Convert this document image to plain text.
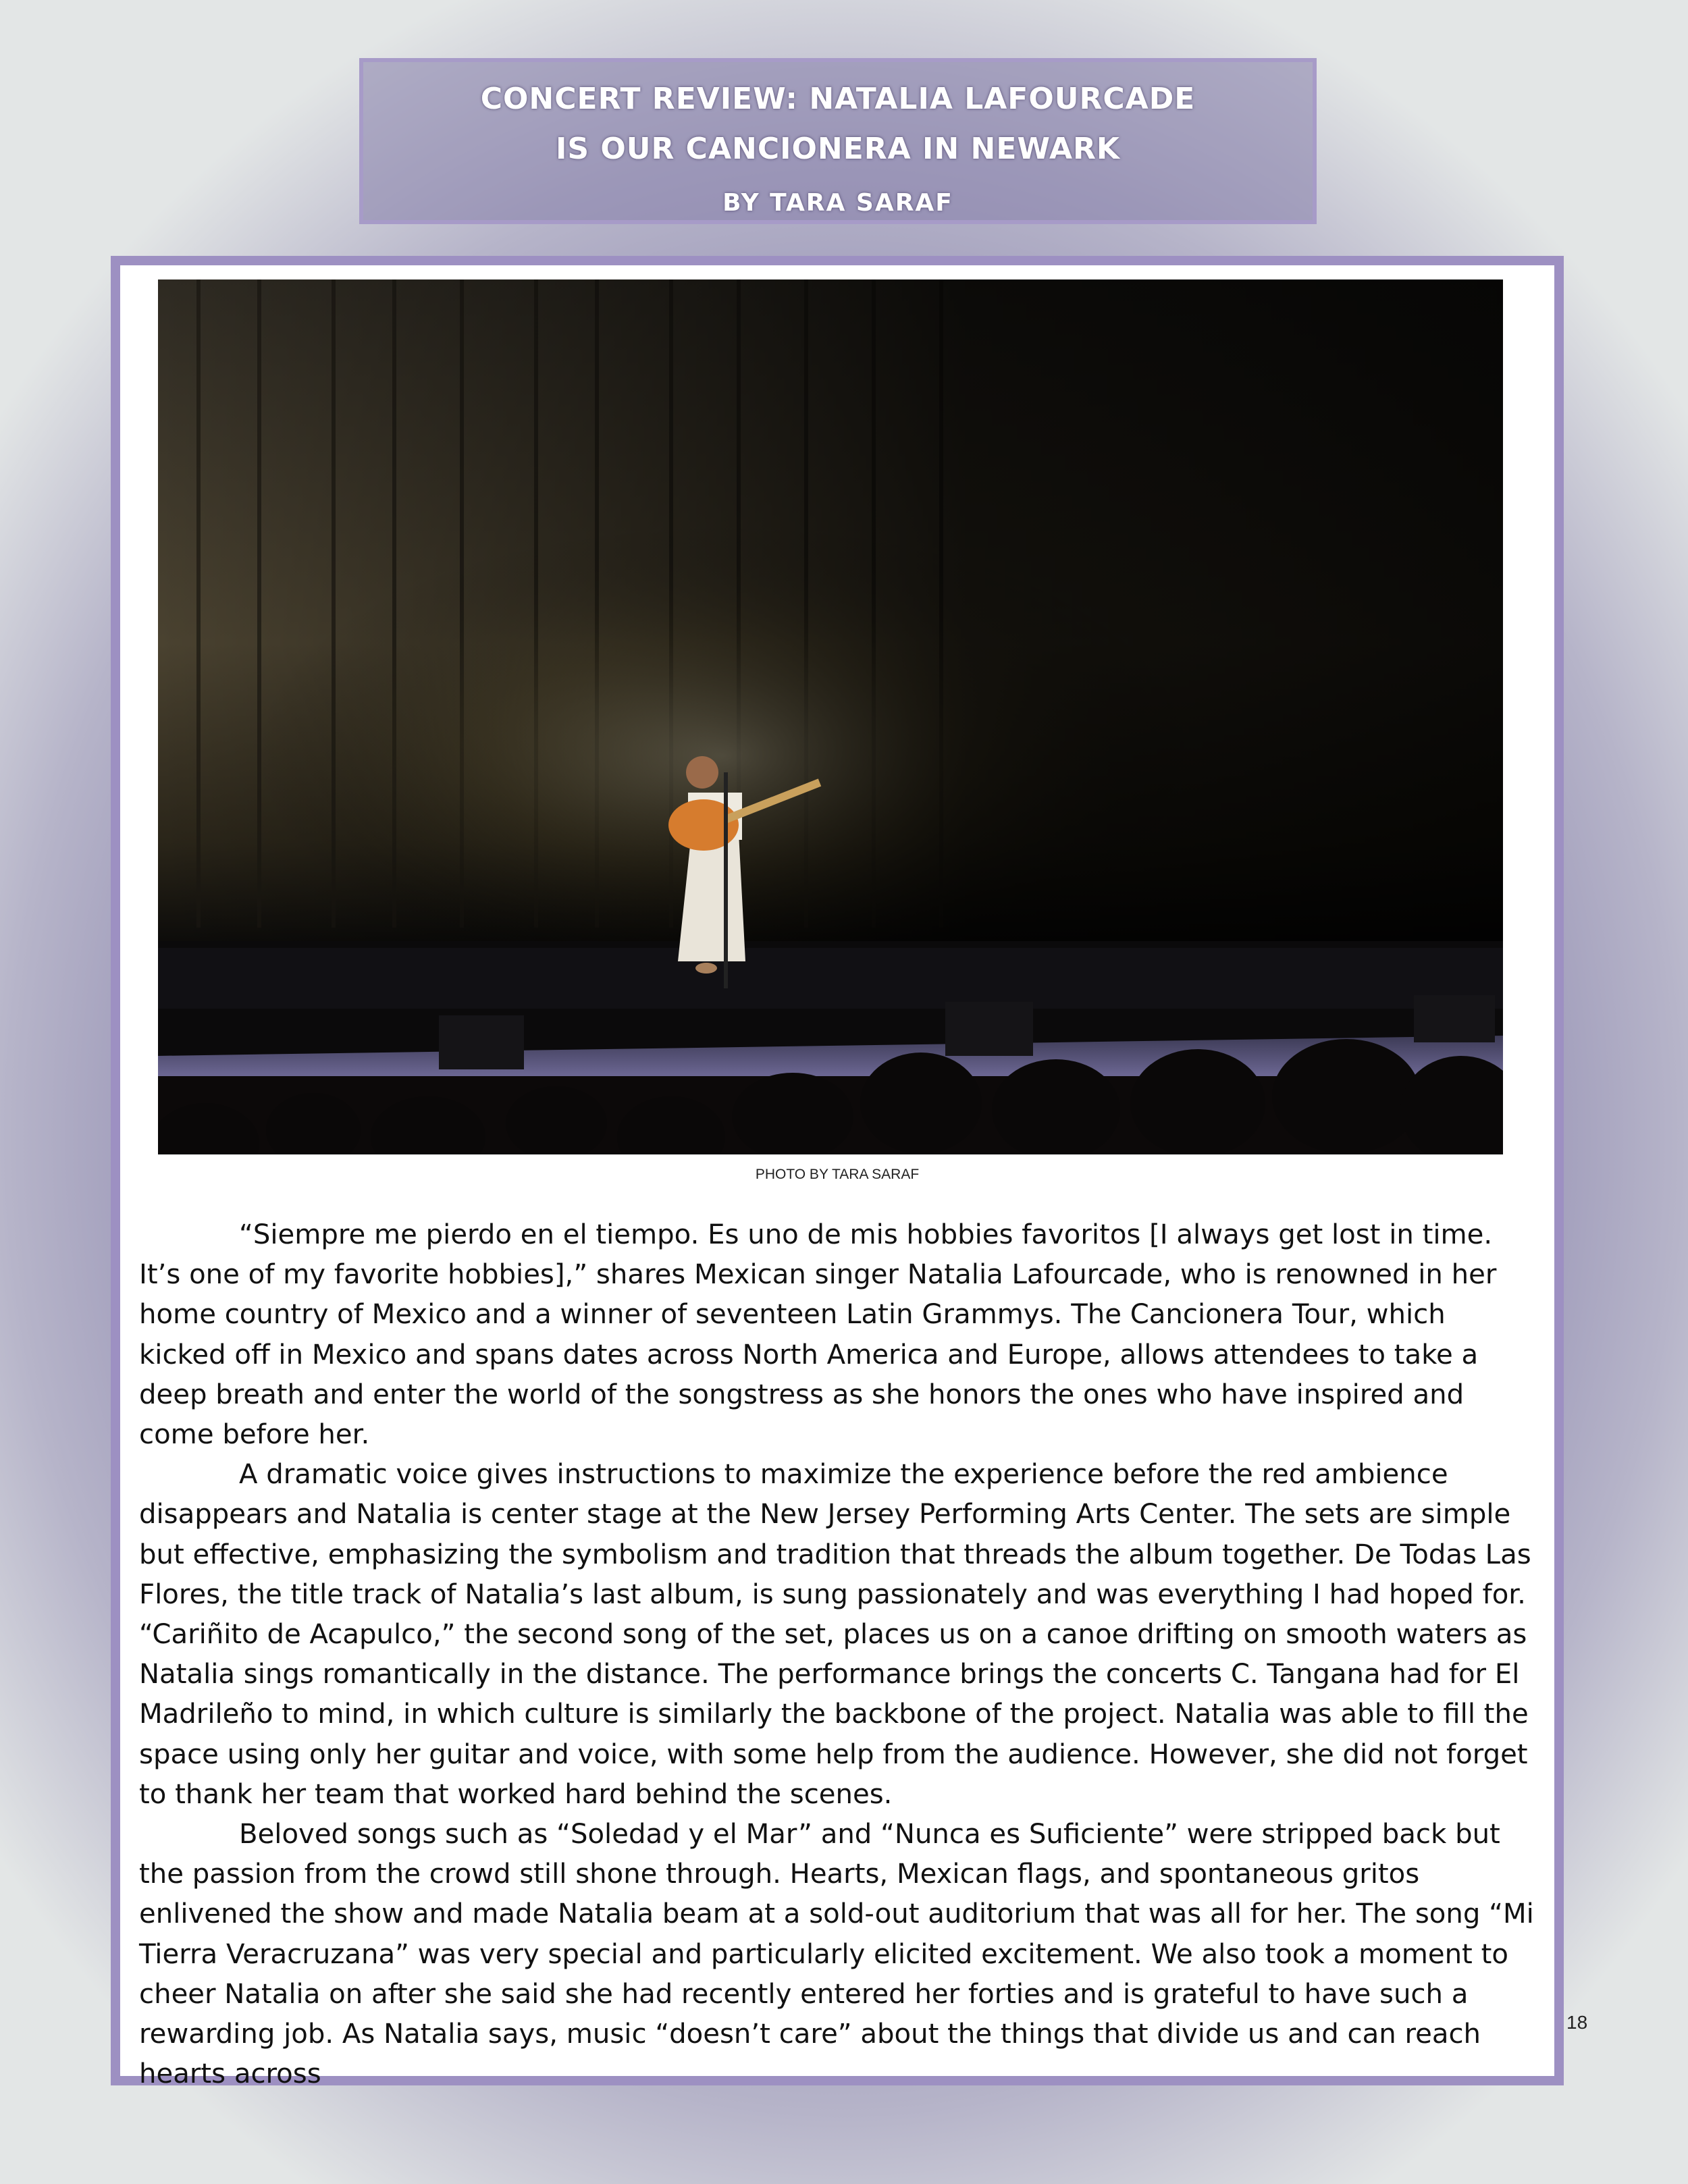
CONCERT REVIEW: NATALIA LAFOURCADE
IS OUR CANCIONERA IN NEWARK
BY TARA SARAF
PHOTO BY TARA SARAF

“Siempre me pierdo en el tiempo. Es uno de mis hobbies favoritos [I always get lost in time. It’s one of my favorite hobbies],” shares Mexican singer Natalia Lafourcade, who is renowned in her home country of Mexico and a winner of seventeen Latin Grammys. The Cancionera Tour, which kicked off in Mexico and spans dates across North America and Europe, allows attendees to take a deep breath and enter the world of the songstress as she honors the ones who have inspired and come before her.

A dramatic voice gives instructions to maximize the experience before the red ambience disappears and Natalia is center stage at the New Jersey Performing Arts Center. The sets are simple but effective, emphasizing the symbolism and tradition that threads the album together. De Todas Las Flores, the title track of Natalia’s last album, is sung passionately and was everything I had hoped for. “Cariñito de Acapulco,” the second song of the set, places us on a canoe drifting on smooth waters as Natalia sings romantically in the distance. The performance brings the concerts C. Tangana had for El Madrileño to mind, in which culture is similarly the backbone of the project. Natalia was able to fill the space using only her guitar and voice, with some help from the audience. However, she did not forget to thank her team that worked hard behind the scenes.

Beloved songs such as “Soledad y el Mar” and “Nunca es Suficiente” were stripped back but the passion from the crowd still shone through. Hearts, Mexican flags, and spontaneous gritos enlivened the show and made Natalia beam at a sold-out auditorium that was all for her. The song “Mi Tierra Veracruzana” was very special and particularly elicited excitement. We also took a moment to cheer Natalia on after she said she had recently entered her forties and is grateful to have such a rewarding job. As Natalia says, music “doesn’t care” about the things that divide us and can reach hearts across

18
